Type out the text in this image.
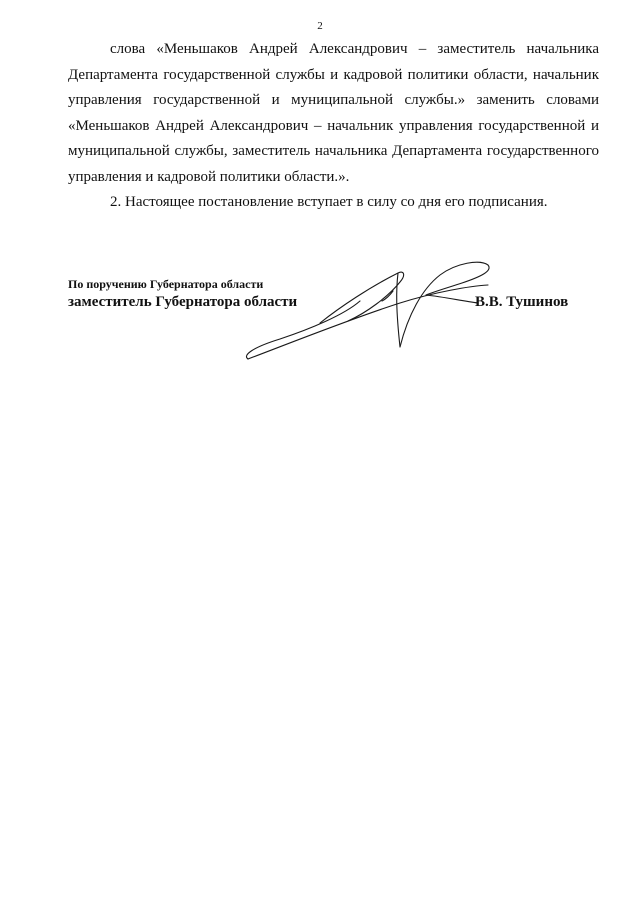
2

слова «Меньшаков Андрей Александрович – заместитель начальника Департамента государственной службы и кадровой политики области, начальник управления государственной и муниципальной службы.» заменить словами «Меньшаков Андрей Александрович – начальник управления государственной и муниципальной службы, заместитель начальника Департамента государственного управления и кадровой политики области.».

2. Настоящее постановление вступает в силу со дня его подписания.

По поручению Губернатора области
заместитель Губернатора области	В.В. Тушинов
